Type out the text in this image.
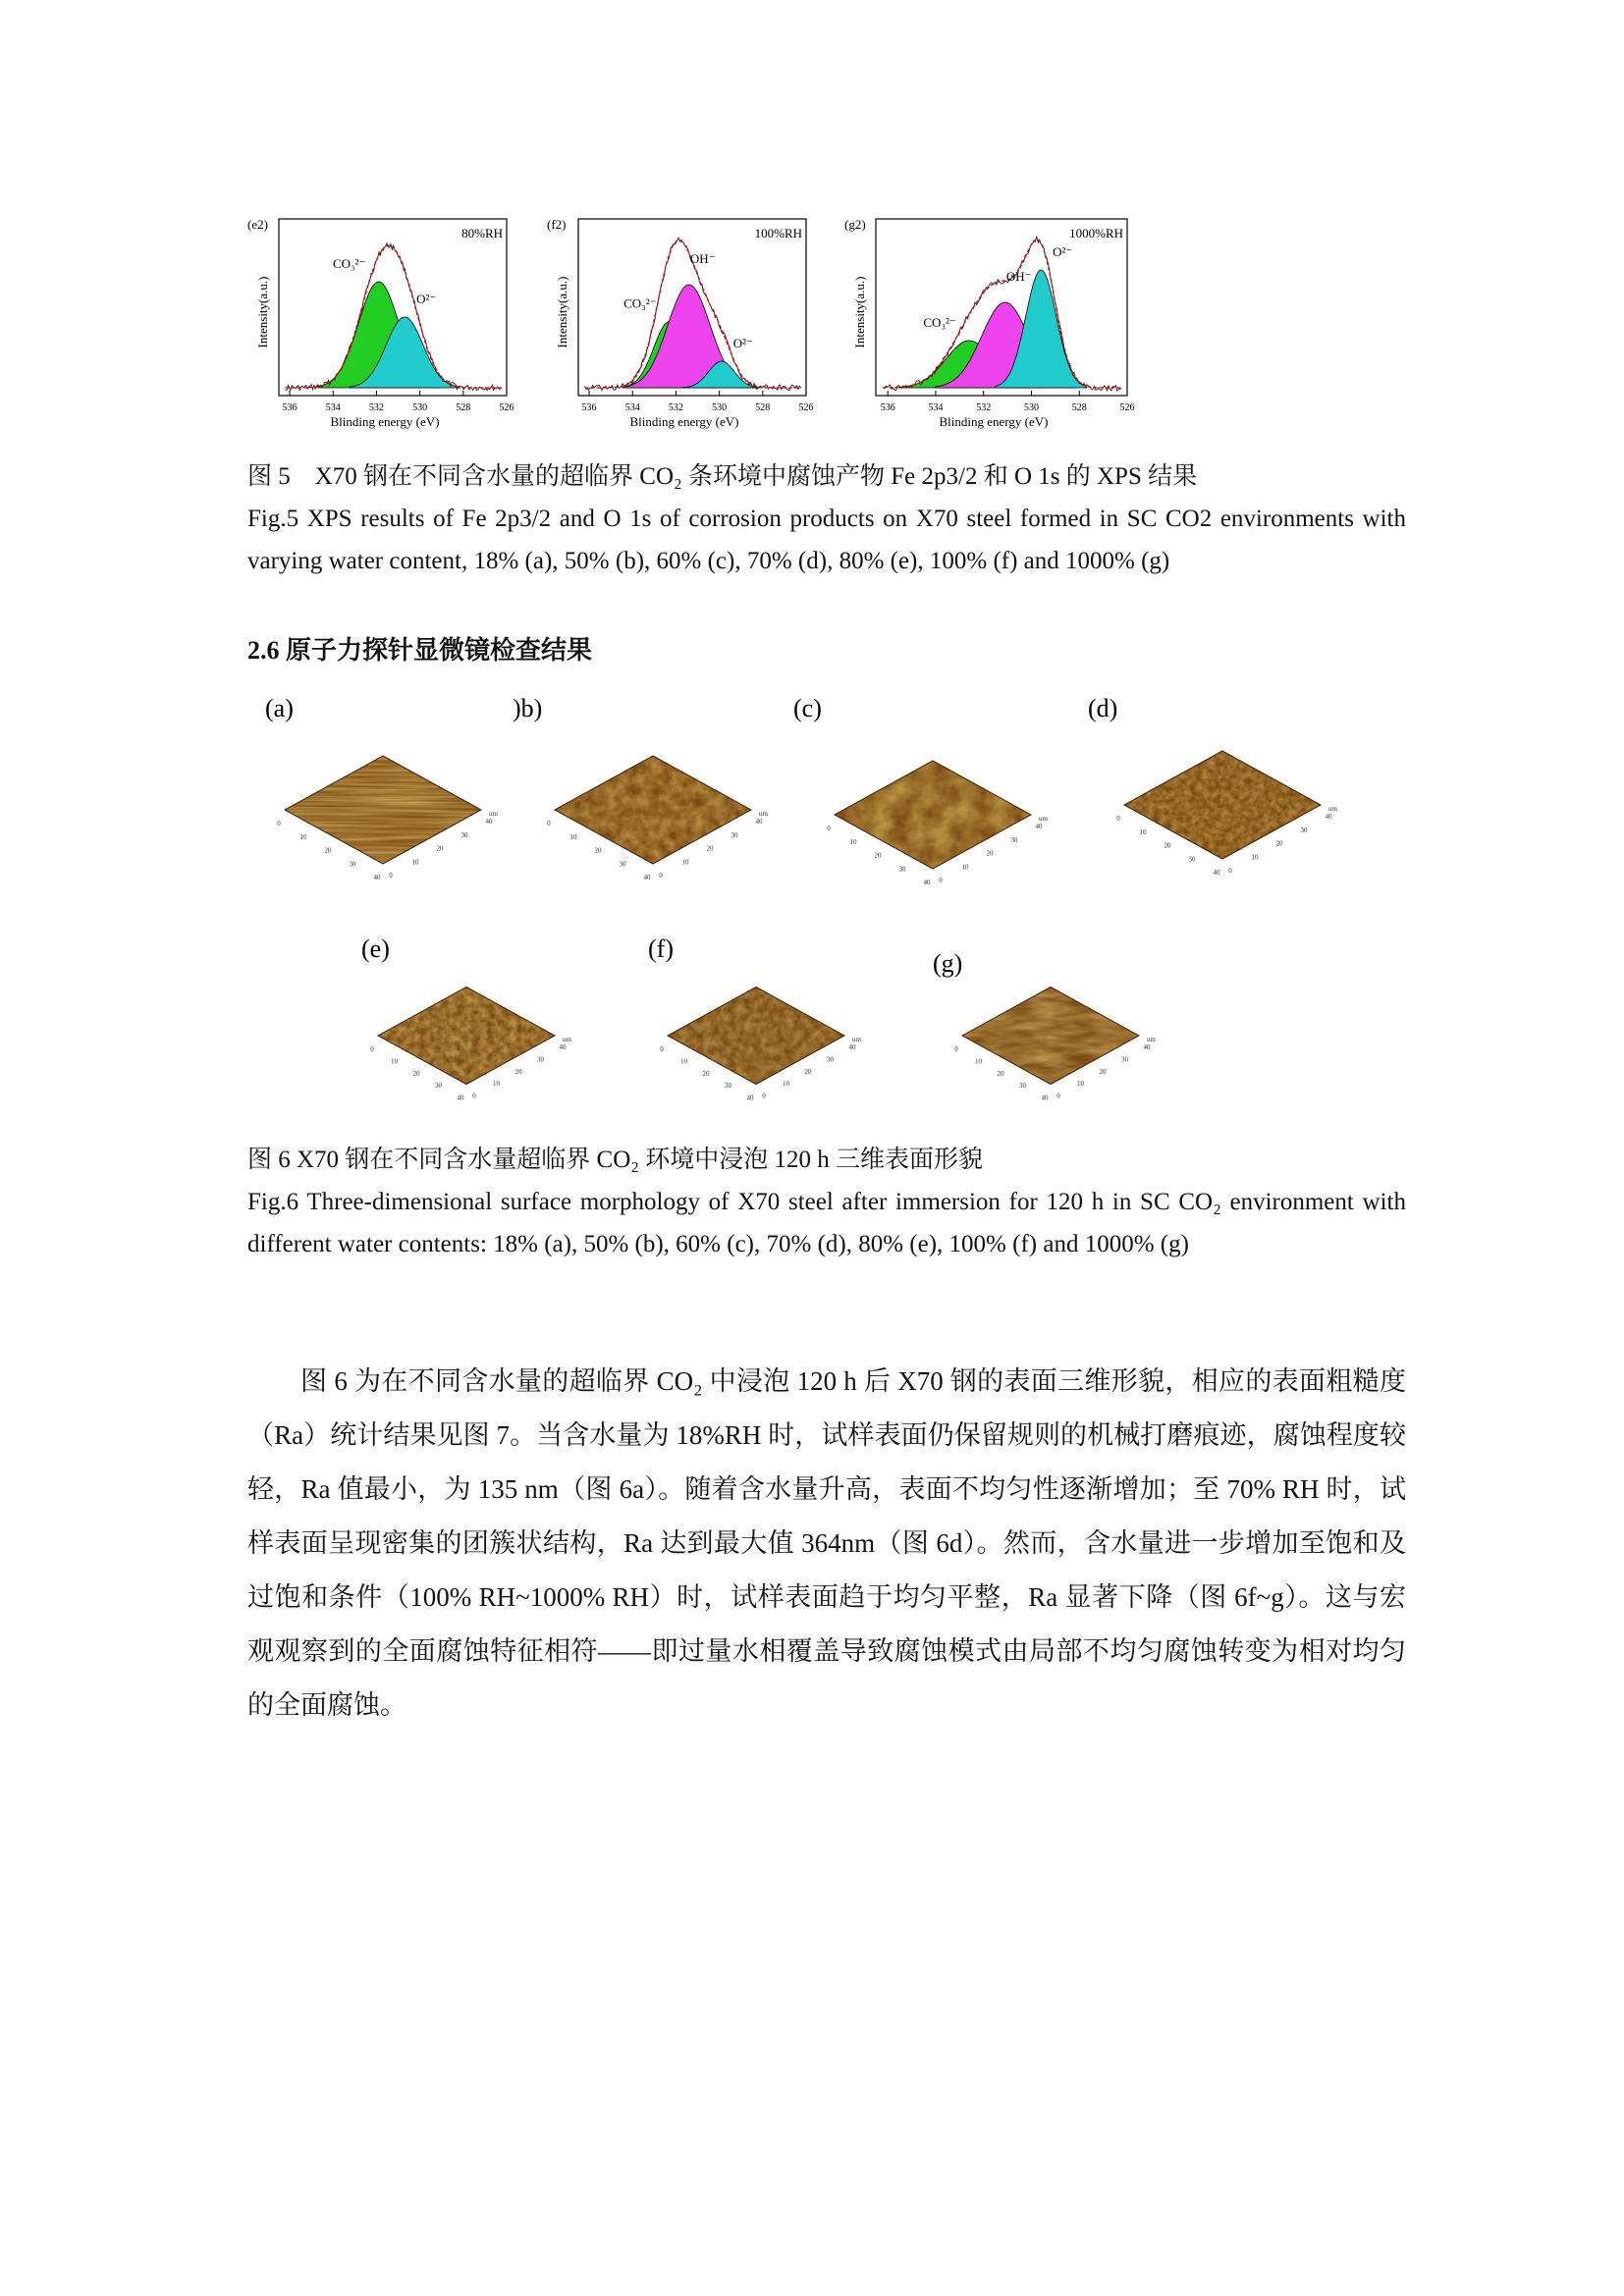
536	534	532	530	528	526
Blinding energy (eV)
Intensity(a.u.)
(e2)
80%RH
CO₃²⁻
O²⁻
536	534	532	530	528	526
Blinding energy (eV)
Intensity(a.u.)
(f2)
100%RH
CO₃²⁻
OH⁻
O²⁻
536	534	532	530	528	526
Blinding energy (eV)
Intensity(a.u.)
(g2)
1000%RH
CO₃²⁻
OH⁻
O²⁻
图 5　X70 钢在不同含水量的超临界 CO₂ 条环境中腐蚀产物 Fe 2p3/2 和 O 1s 的 XPS 结果
Fig.5 XPS results of Fe 2p3/2 and O 1s of corrosion products on X70 steel formed in SC CO2 environments with varying water content, 18% (a), 50% (b), 60% (c), 70% (d), 80% (e), 100% (f) and 1000% (g)
2.6 原子力探针显微镜检查结果
(a)
0
0
10
10
20	20
30
30
40
40
um
)b)
0
0
10
10
20	20
30
30
40
40
um
(c)
0
0
10
10
20	20
30
30
40
40
um
(d)
0
0
10
10
20	20
30
30
40
40
um
(e)
0
0
10
10
20	20
30
30
40
40
um
(f)
0
0
10
10
20	20
30
30
40
40
um
(g)
0
0
10
10
20	20
30
30
40
40
um
图 6 X70 钢在不同含水量超临界 CO₂ 环境中浸泡 120 h 三维表面形貌
Fig.6 Three-dimensional surface morphology of X70 steel after immersion for 120 h in SC CO₂ environment with different water contents: 18% (a), 50% (b), 60% (c), 70% (d), 80% (e), 100% (f) and 1000% (g)
图 6 为在不同含水量的超临界 CO₂ 中浸泡 120 h 后 X70 钢的表面三维形貌，相应的表面粗糙度（Ra）统计结果见图 7。当含水量为 18%RH 时，试样表面仍保留规则的机械打磨痕迹，腐蚀程度较轻，Ra 值最小，为 135 nm（图 6a）。随着含水量升高，表面不均匀性逐渐增加；至 70% RH 时，试样表面呈现密集的团簇状结构，Ra 达到最大值 364nm（图 6d）。然而，含水量进一步增加至饱和及过饱和条件（100% RH~1000% RH）时，试样表面趋于均匀平整，Ra 显著下降（图 6f~g）。这与宏观观察到的全面腐蚀特征相符——即过量水相覆盖导致腐蚀模式由局部不均匀腐蚀转变为相对均匀的全面腐蚀。
